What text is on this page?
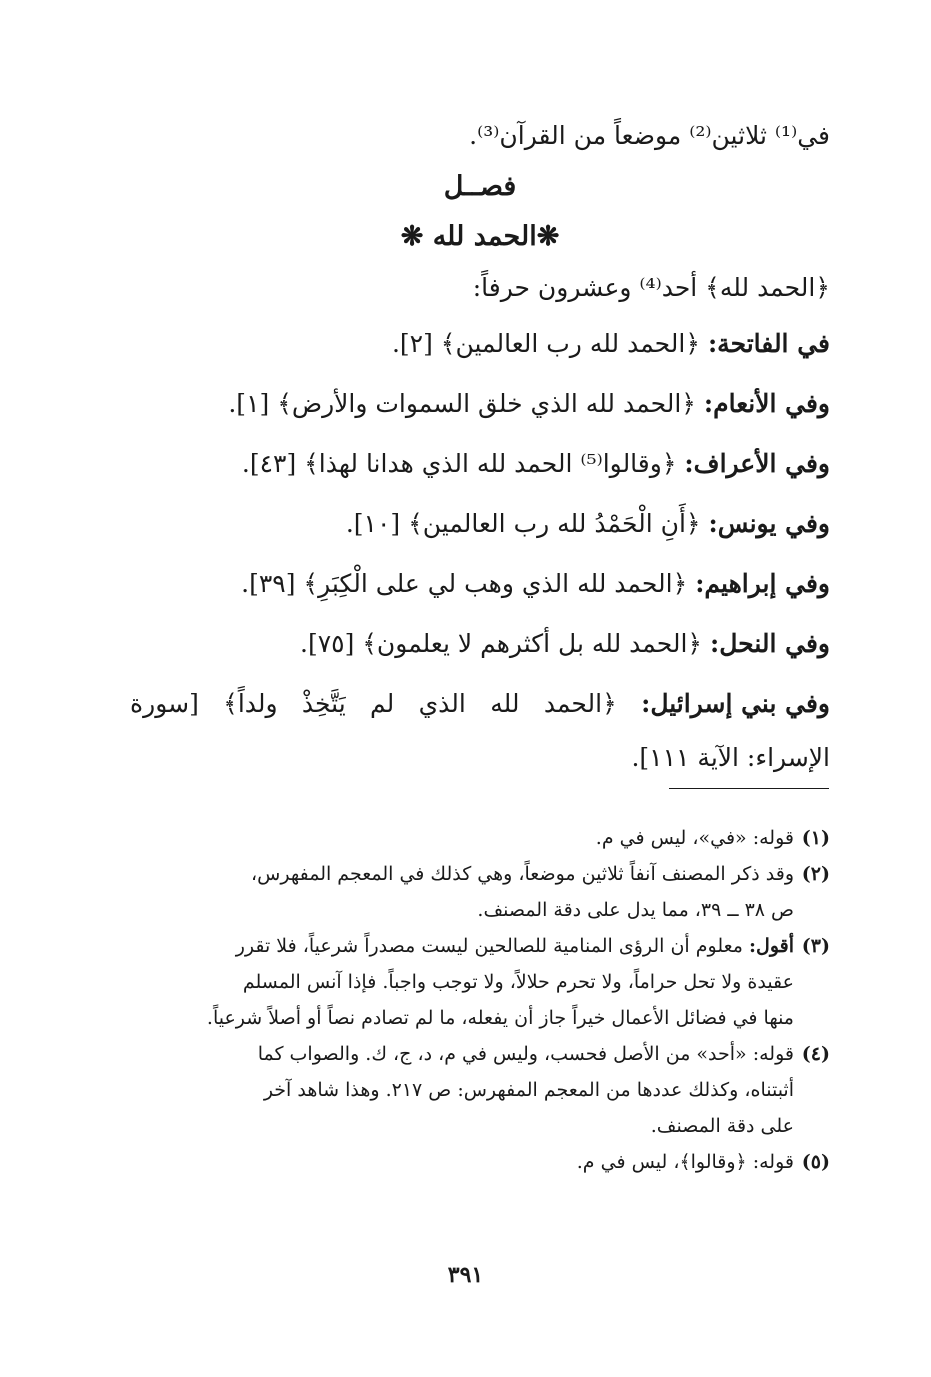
في⁽¹⁾ ثلاثين⁽²⁾ موضعاً من القرآن⁽³⁾.
فصــل
❋الحمد لله ❋
﴿الحمد لله﴾ أحد⁽⁴⁾ وعشرون حرفاً:
في الفاتحة: ﴿الحمد لله رب العالمين﴾ [٢].
وفي الأنعام: ﴿الحمد لله الذي خلق السموات والأرض﴾ [١].
وفي الأعراف: ﴿وقالوا⁽⁵⁾ الحمد لله الذي هدانا لهذا﴾ [٤٣].
وفي يونس: ﴿أَنِ الْحَمْدُ لله رب العالمين﴾ [١٠].
وفي إبراهيم: ﴿الحمد لله الذي وهب لي على الْكِبَرِ﴾ [٣٩].
وفي النحل: ﴿الحمد لله بل أكثرهم لا يعلمون﴾ [٧٥].
وفي بني إسرائيل:
﴿الحمد
لله
الذي
لم
يَتَّخِذْ
ولداً﴾
[سورة
الإسراء: الآية ١١١].
(١)
قوله: «في»، ليس في م.
(٢)
وقد ذكر المصنف آنفاً ثلاثين موضعاً، وهي كذلك في المعجم المفهرس،
ص ٣٨ ــ ٣٩، مما يدل على دقة المصنف.
(٣)
أقول: معلوم أن الرؤى المنامية للصالحين ليست مصدراً شرعياً، فلا تقرر
عقيدة ولا تحل حراماً، ولا تحرم حلالاً، ولا توجب واجباً. فإذا آنس المسلم
منها في فضائل الأعمال خيراً جاز أن يفعله، ما لم تصادم نصاً أو أصلاً شرعياً.
(٤)
قوله: «أحد» من الأصل فحسب، وليس في م، د، ج، ك. والصواب كما
أثبتناه، وكذلك عددها من المعجم المفهرس: ص ٢١٧. وهذا شاهد آخر
على دقة المصنف.
(٥)
قوله: ﴿وقالوا﴾، ليس في م.
٣٩١
